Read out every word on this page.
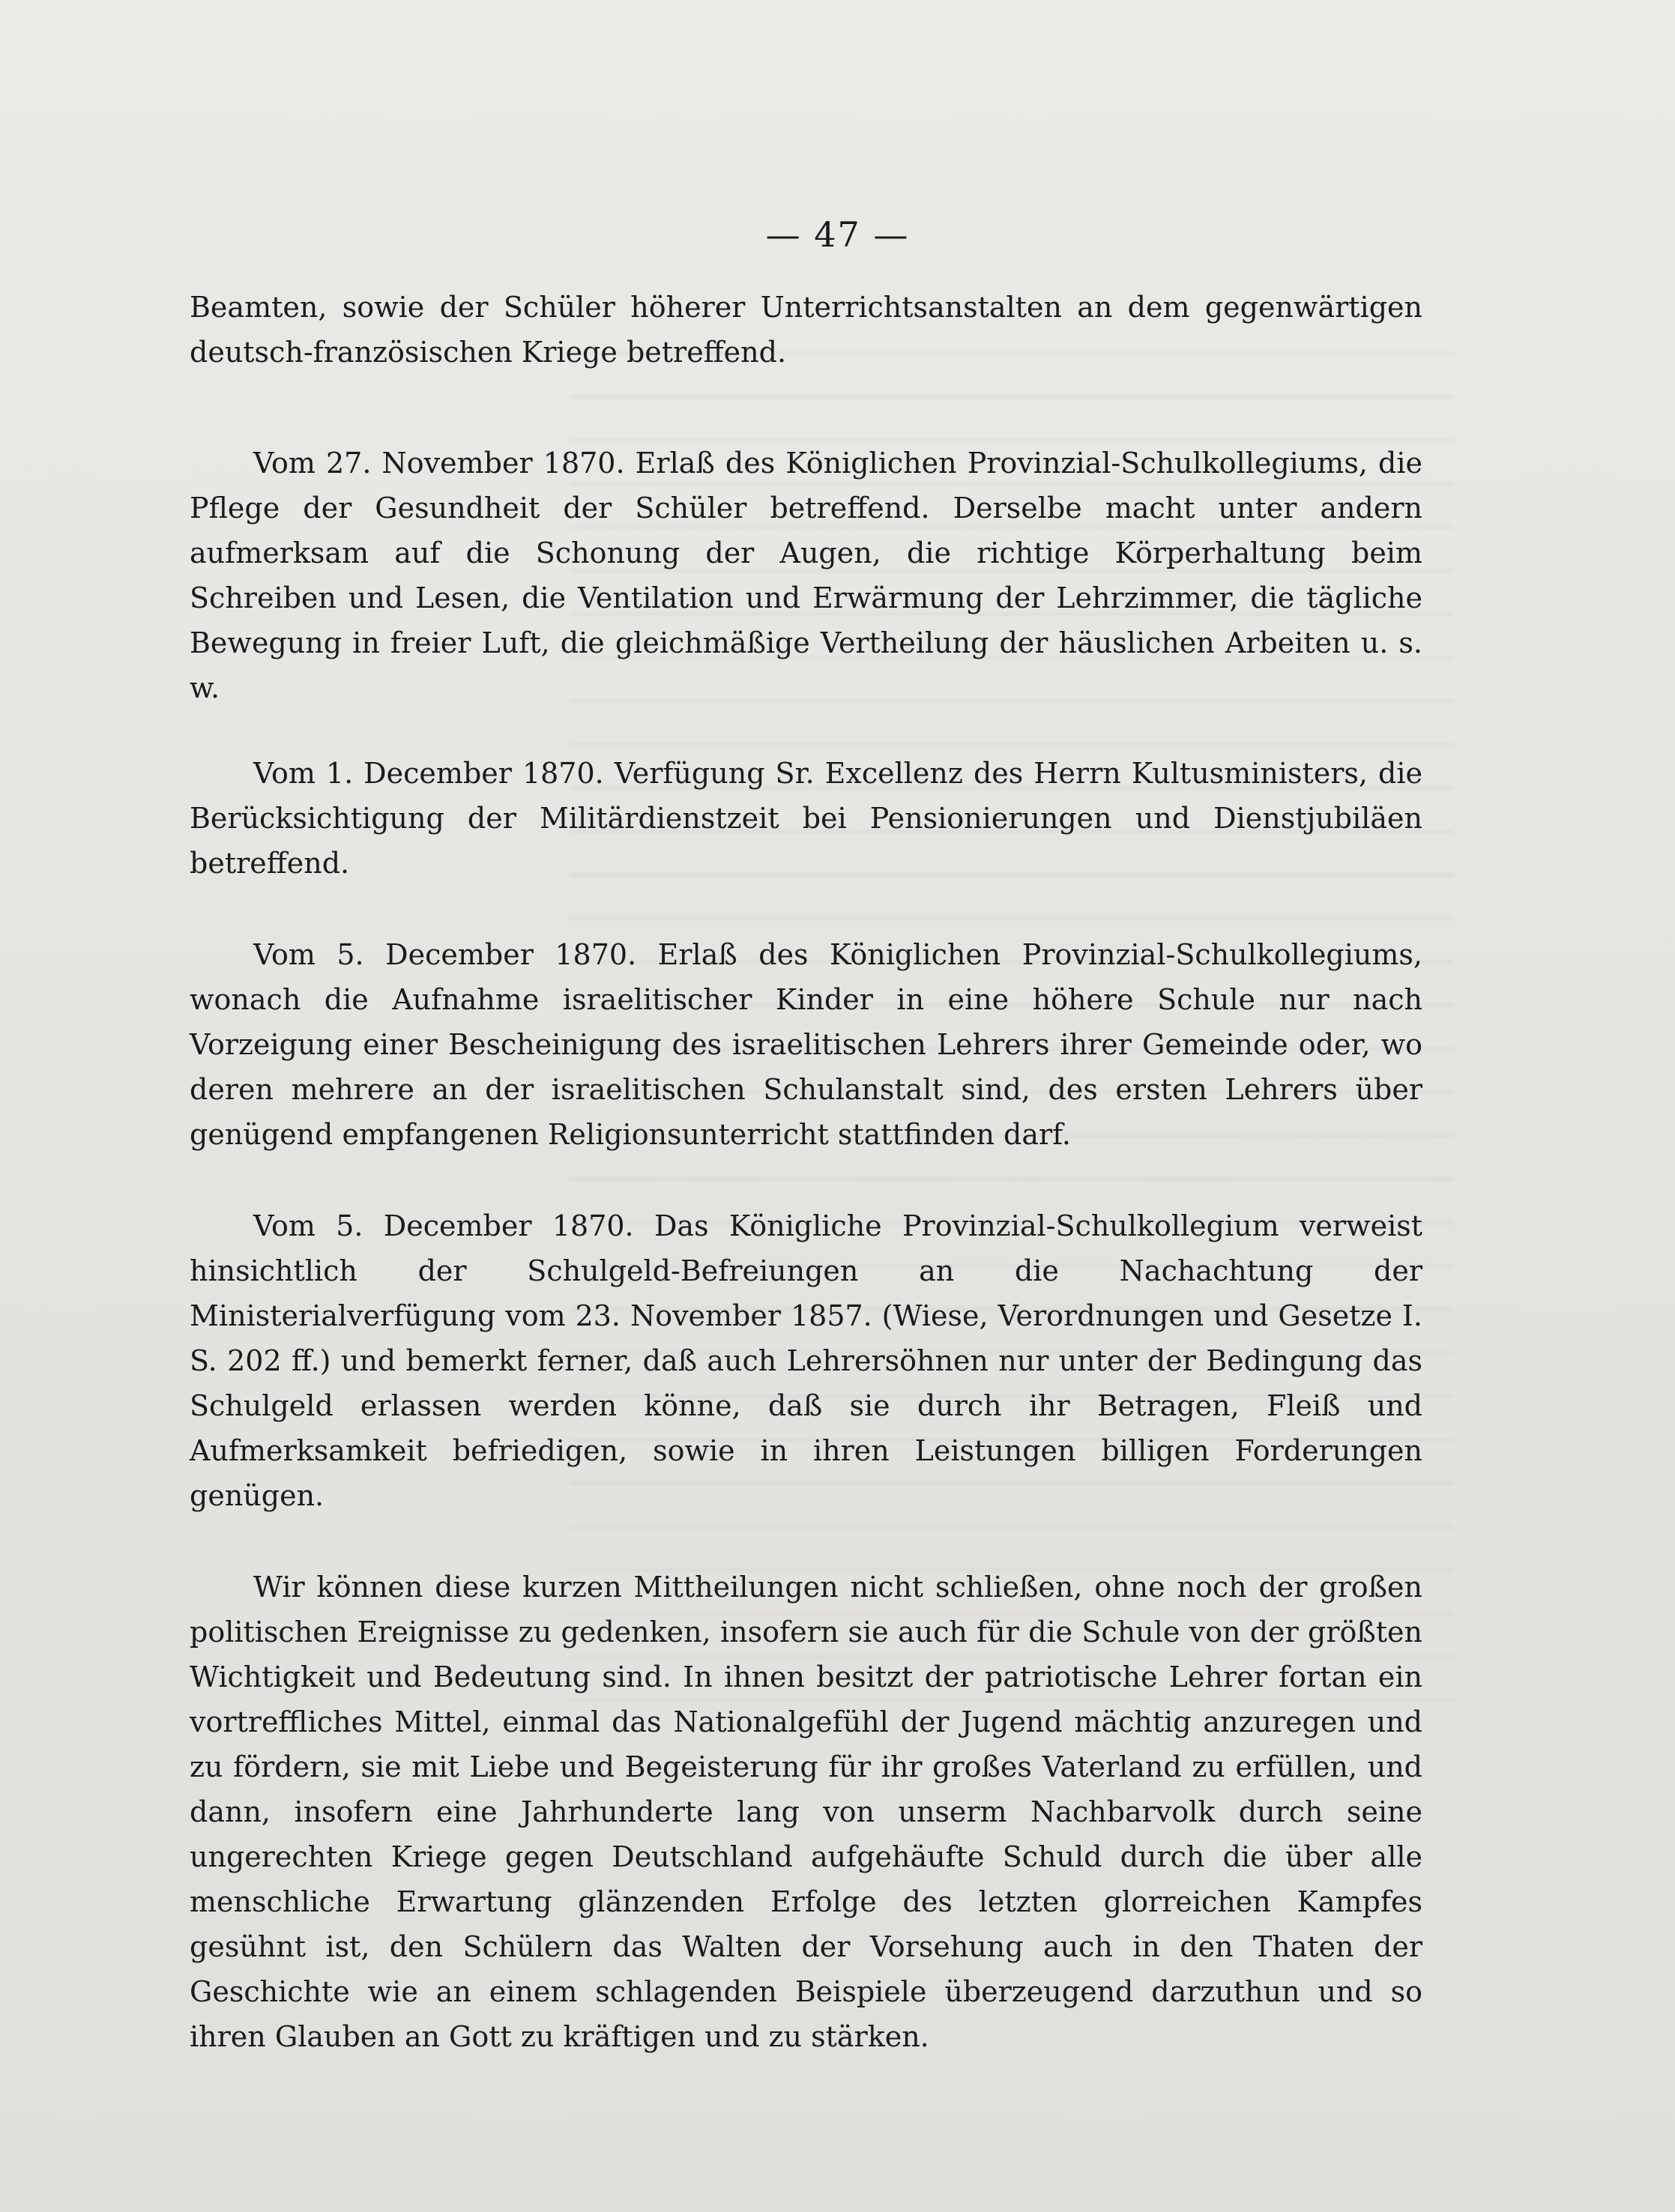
— 47 —

Beamten, sowie der Schüler höherer Unterrichtsanstalten an dem gegenwärtigen deutsch-französischen Kriege betreffend.

Vom 27. November 1870. Erlaß des Königlichen Provinzial-Schulkollegiums, die Pflege der Gesundheit der Schüler betreffend. Derselbe macht unter andern aufmerksam auf die Schonung der Augen, die richtige Körperhaltung beim Schreiben und Lesen, die Ventilation und Erwärmung der Lehrzimmer, die tägliche Bewegung in freier Luft, die gleichmäßige Vertheilung der häuslichen Arbeiten u. s. w.

Vom 1. December 1870. Verfügung Sr. Excellenz des Herrn Kultusministers, die Berücksichtigung der Militärdienstzeit bei Pensionierungen und Dienstjubiläen betreffend.

Vom 5. December 1870. Erlaß des Königlichen Provinzial-Schulkollegiums, wonach die Aufnahme israelitischer Kinder in eine höhere Schule nur nach Vorzeigung einer Bescheinigung des israelitischen Lehrers ihrer Gemeinde oder, wo deren mehrere an der israelitischen Schulanstalt sind, des ersten Lehrers über genügend empfangenen Religionsunterricht stattfinden darf.

Vom 5. December 1870. Das Königliche Provinzial-Schulkollegium verweist hinsichtlich der Schulgeld-Befreiungen an die Nachachtung der Ministerialverfügung vom 23. November 1857. (Wiese, Verordnungen und Gesetze I. S. 202 ff.) und bemerkt ferner, daß auch Lehrersöhnen nur unter der Bedingung das Schulgeld erlassen werden könne, daß sie durch ihr Betragen, Fleiß und Aufmerksamkeit befriedigen, sowie in ihren Leistungen billigen Forderungen genügen.

Wir können diese kurzen Mittheilungen nicht schließen, ohne noch der großen politischen Ereignisse zu gedenken, insofern sie auch für die Schule von der größten Wichtigkeit und Bedeutung sind. In ihnen besitzt der patriotische Lehrer fortan ein vortreffliches Mittel, einmal das Nationalgefühl der Jugend mächtig anzuregen und zu fördern, sie mit Liebe und Begeisterung für ihr großes Vaterland zu erfüllen, und dann, insofern eine Jahrhunderte lang von unserm Nachbarvolk durch seine ungerechten Kriege gegen Deutschland aufgehäufte Schuld durch die über alle menschliche Erwartung glänzenden Erfolge des letzten glorreichen Kampfes gesühnt ist, den Schülern das Walten der Vorsehung auch in den Thaten der Geschichte wie an einem schlagenden Beispiele überzeugend darzuthun und so ihren Glauben an Gott zu kräftigen und zu stärken.
